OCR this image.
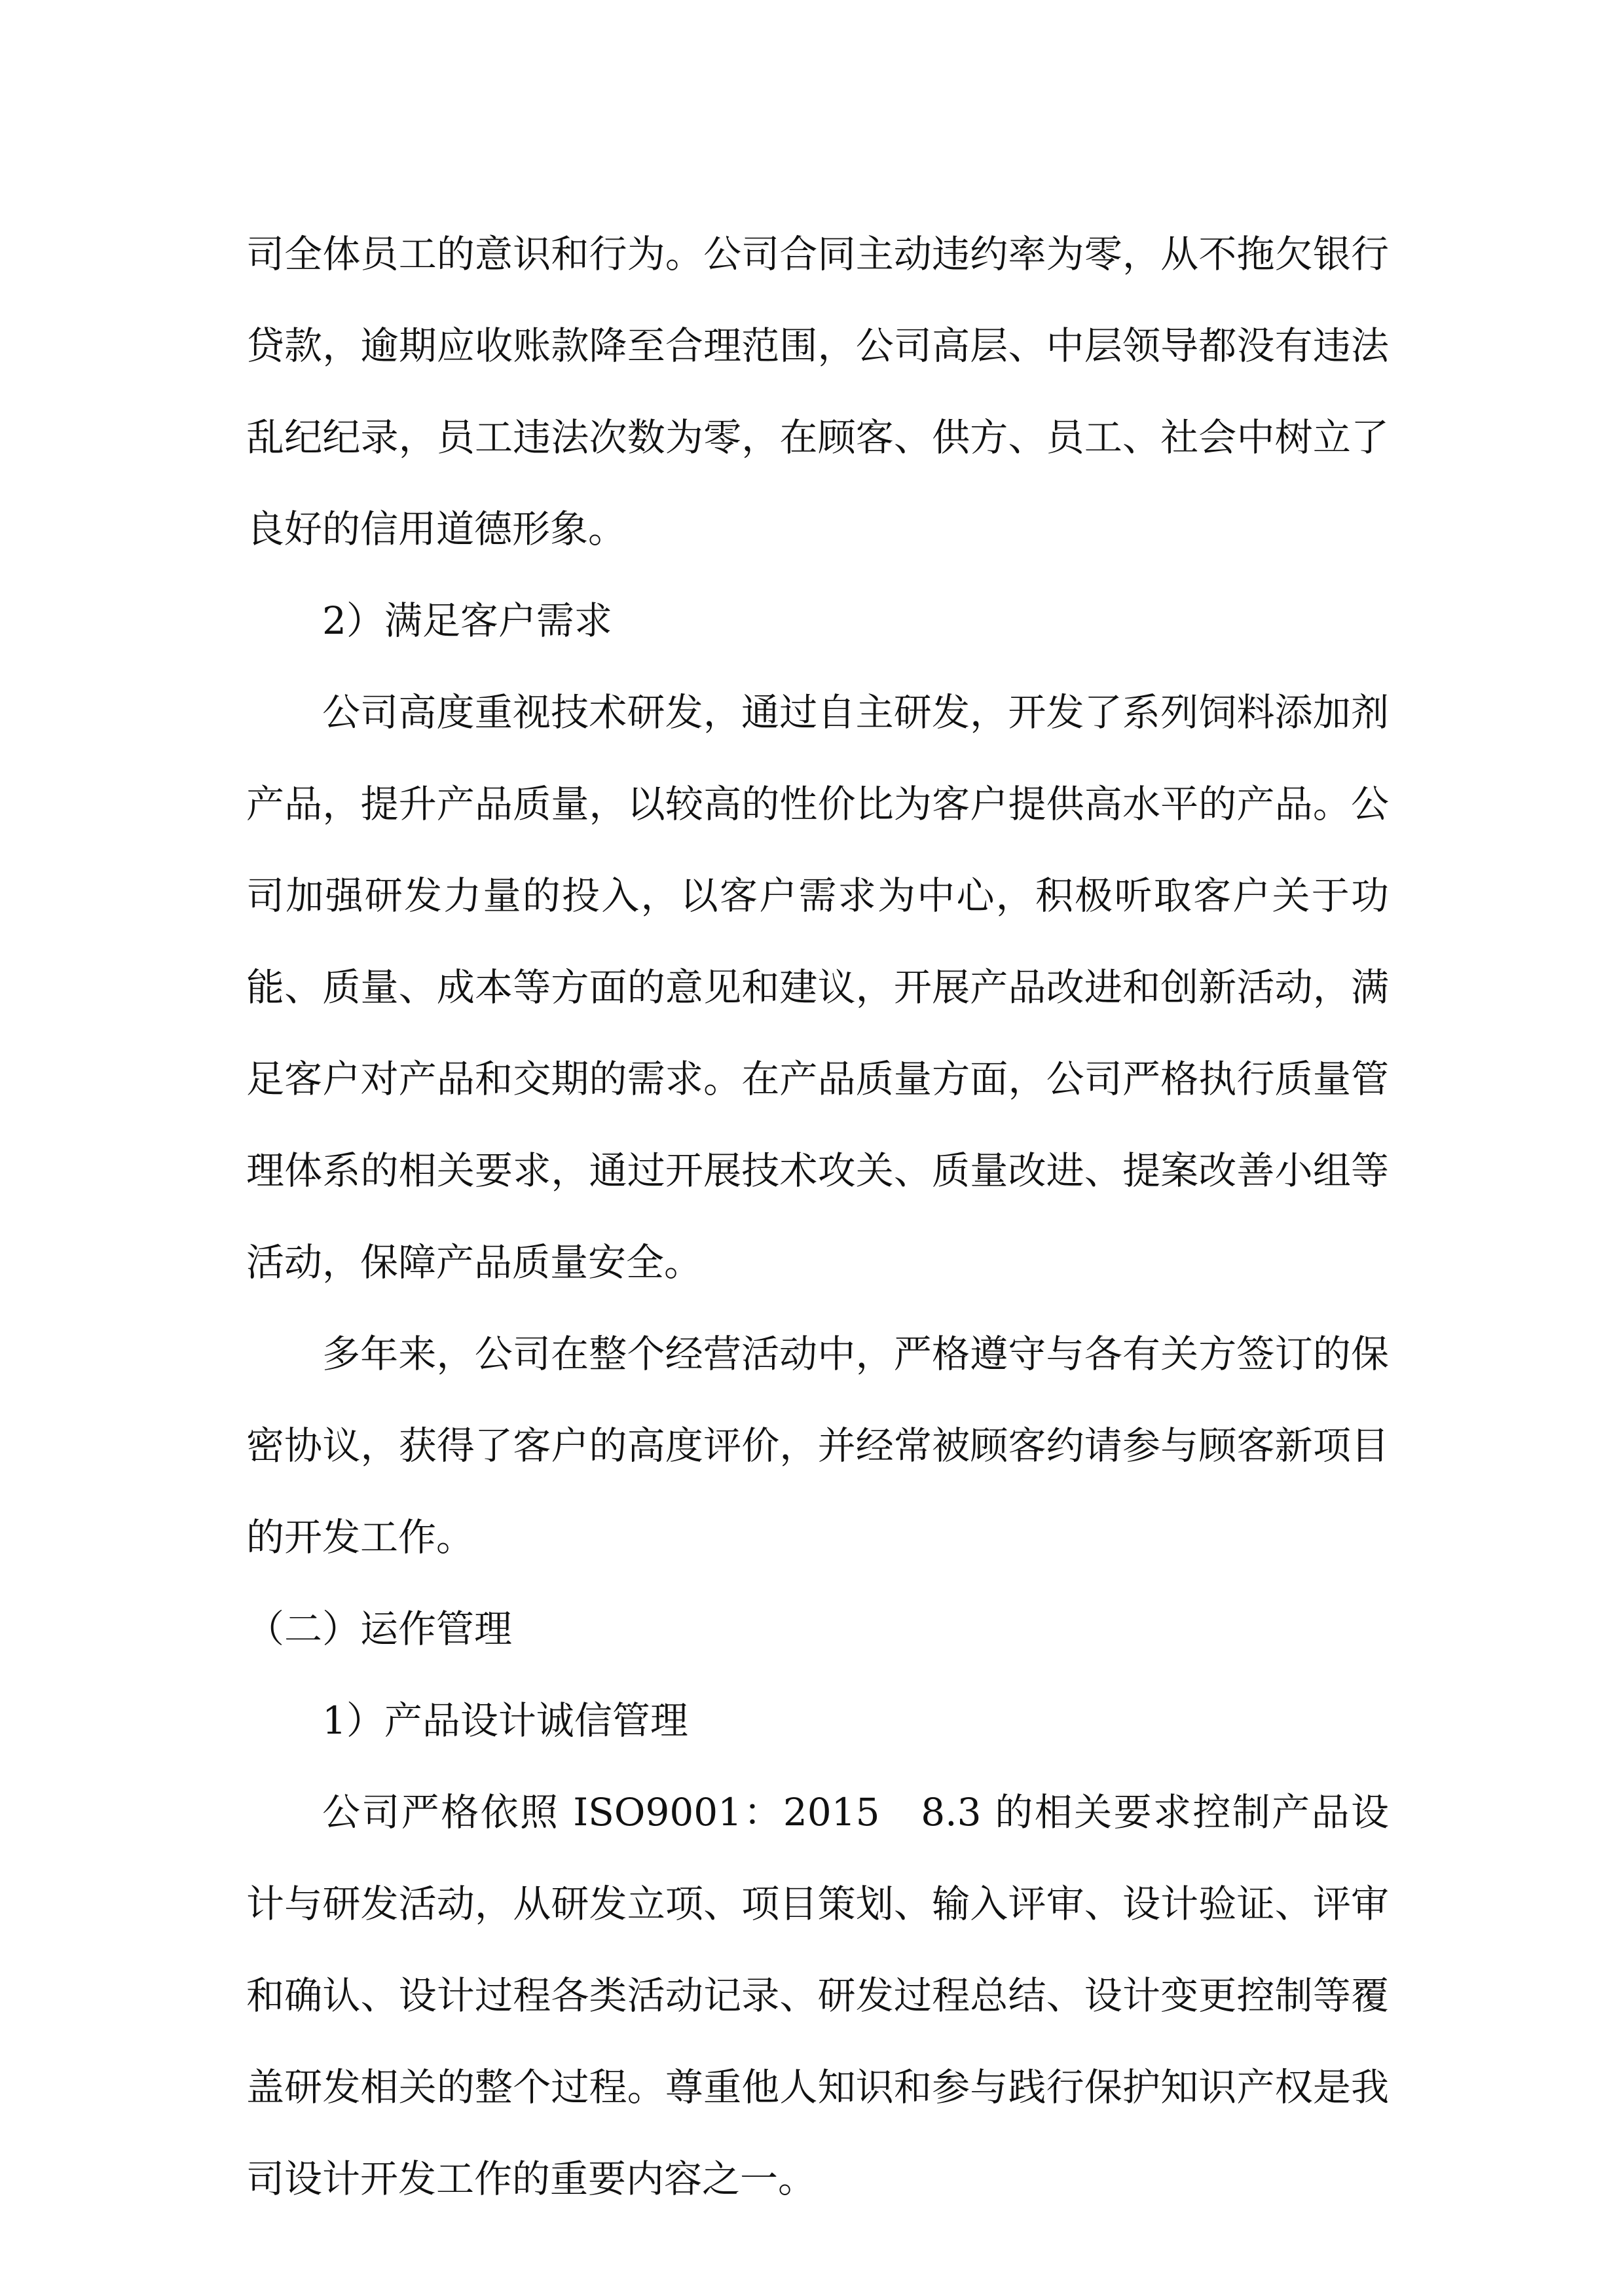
司全体员工的意识和行为。公司合同主动违约率为零，从不拖欠银行贷款，逾期应收账款降至合理范围，公司高层、中层领导都没有违法乱纪纪录，员工违法次数为零，在顾客、供方、员工、社会中树立了良好的信用道德形象。

2）满足客户需求

公司高度重视技术研发，通过自主研发，开发了系列饲料添加剂产品，提升产品质量，以较高的性价比为客户提供高水平的产品。公司加强研发力量的投入，以客户需求为中心，积极听取客户关于功能、质量、成本等方面的意见和建议，开展产品改进和创新活动，满足客户对产品和交期的需求。在产品质量方面，公司严格执行质量管理体系的相关要求，通过开展技术攻关、质量改进、提案改善小组等活动，保障产品质量安全。

多年来，公司在整个经营活动中，严格遵守与各有关方签订的保密协议，获得了客户的高度评价，并经常被顾客约请参与顾客新项目的开发工作。

（二）运作管理

1）产品设计诚信管理

公司严格依照 ISO9001：2015　8.3 的相关要求控制产品设计与研发活动，从研发立项、项目策划、输入评审、设计验证、评审和确认、设计过程各类活动记录、研发过程总结、设计变更控制等覆盖研发相关的整个过程。尊重他人知识和参与践行保护知识产权是我司设计开发工作的重要内容之一。
